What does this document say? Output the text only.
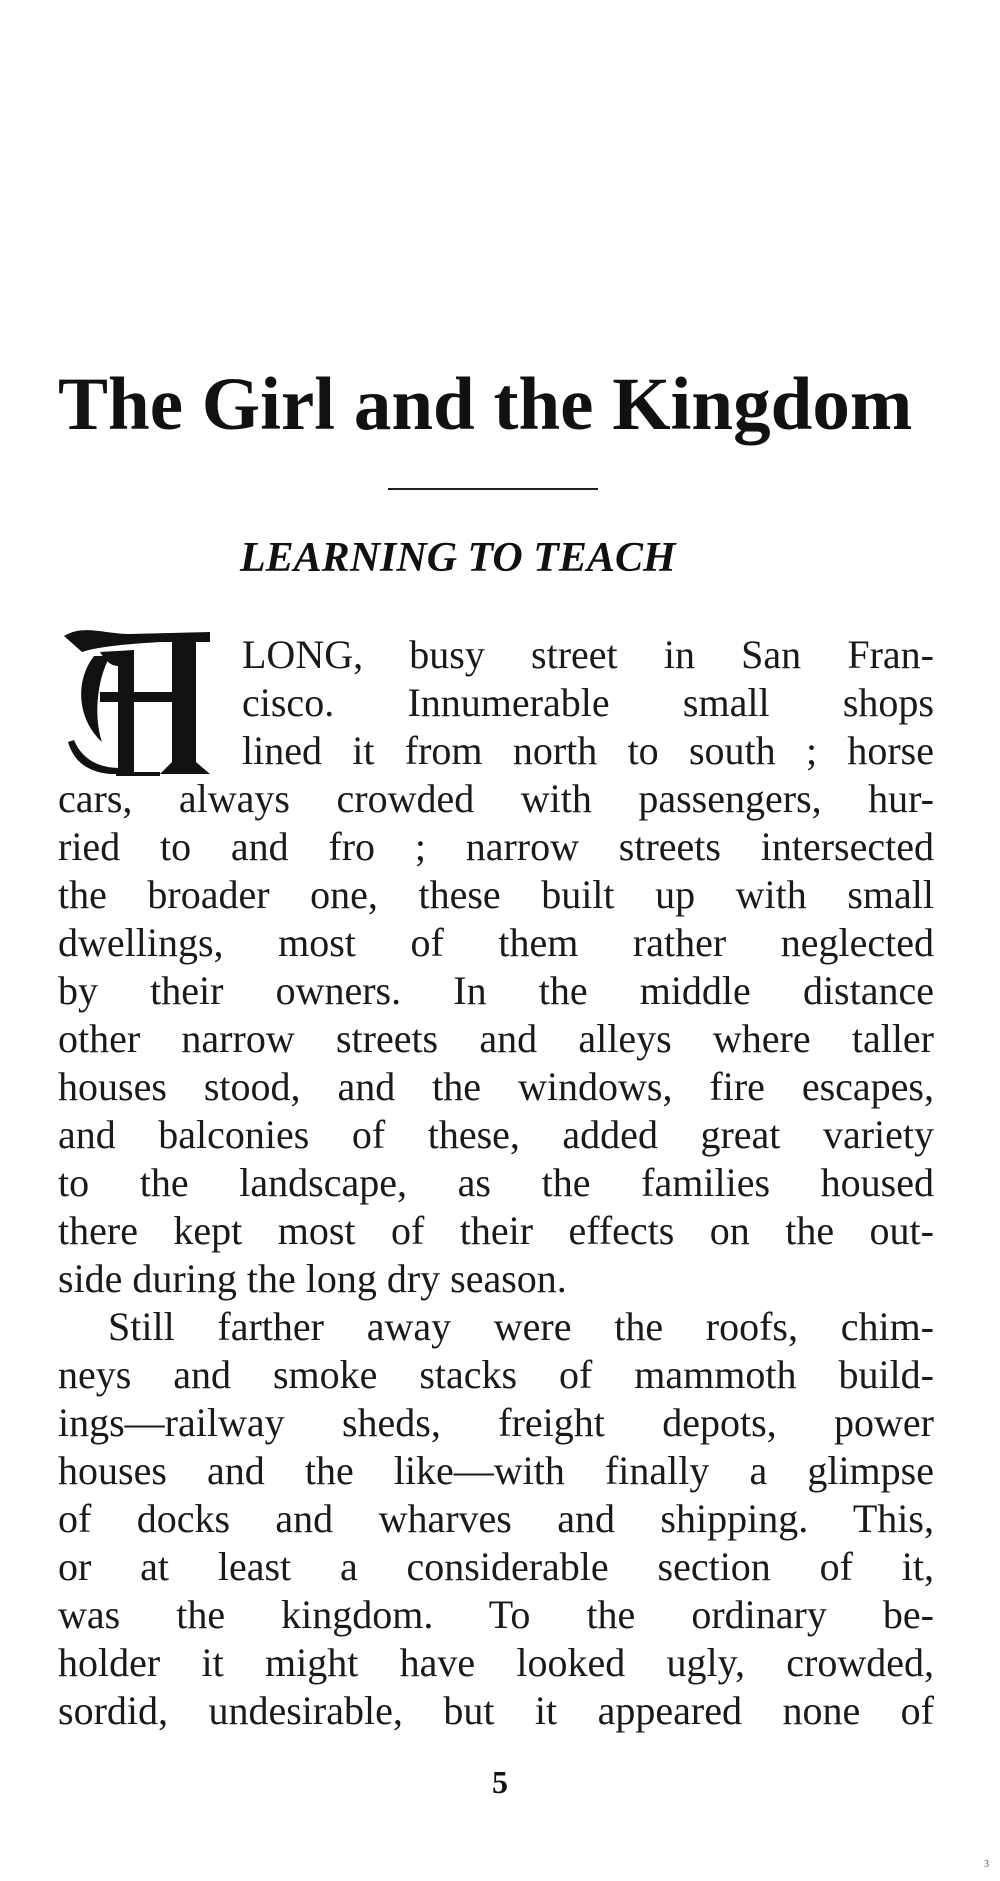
The Girl and the Kingdom
LEARNING TO TEACH

LONG, busy street in San Fran-

cisco. Innumerable small shops

lined it from north to south ; horse

cars, always crowded with passengers, hur-

ried to and fro ; narrow streets intersected

the broader one, these built up with small

dwellings, most of them rather neglected

by their owners. In the middle distance

other narrow streets and alleys where taller

houses stood, and the windows, fire escapes,

and balconies of these, added great variety

to the landscape, as the families housed

there kept most of their effects on the out-

side during the long dry season.

Still farther away were the roofs, chim-

neys and smoke stacks of mammoth build-

ings—railway sheds, freight depots, power

houses and the like—with finally a glimpse

of docks and wharves and shipping. This,

or at least a considerable section of it,

was the kingdom. To the ordinary be-

holder it might have looked ugly, crowded,

sordid, undesirable, but it appeared none of

5

3
